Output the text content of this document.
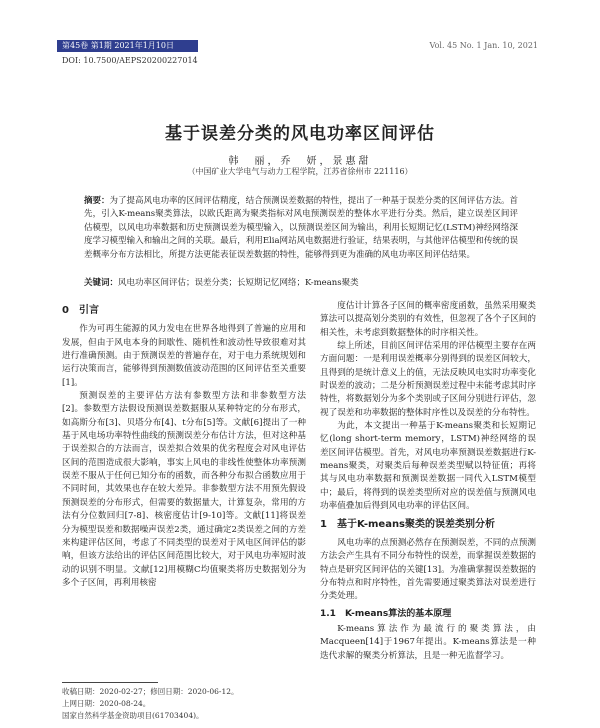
第45卷 第1期 2021年1月10日	Vol. 45 No. 1 Jan. 10, 2021
DOI: 10.7500/AEPS20200227014
基于误差分类的风电功率区间评估
韩　丽，乔　妍，景惠甜
（中国矿业大学电气与动力工程学院，江苏省徐州市 221116）
摘要：为了提高风电功率的区间评估精度，结合预测误差数据的特性，提出了一种基于误差分类的区间评估方法。首先，引入K-means聚类算法，以欧氏距离为聚类指标对风电预测误差的整体水平进行分类。然后，建立误差区间评估模型，以风电功率数据和历史预测误差为模型输入，以预测误差区间为输出，利用长短期记忆(LSTM)神经网络深度学习模型输入和输出之间的关联。最后，利用Elia网站风电数据进行验证，结果表明，与其他评估模型和传统的误差概率分布方法相比，所提方法更能表征误差数据的特性，能够得到更为准确的风电功率区间评估结果。
关键词：风电功率区间评估；误差分类；长短期记忆网络；K-means聚类
0　引言

作为可再生能源的风力发电在世界各地得到了普遍的应用和发展，但由于风电本身的间歇性、随机性和波动性导致很难对其进行准确预测。由于预测误差的普遍存在，对于电力系统规划和运行决策而言，能够得到预测数值波动范围的区间评估至关重要[1]。

预测误差的主要评估方法有参数型方法和非参数型方法[2]。参数型方法假设预测误差数据服从某种特定的分布形式，如高斯分布[3]、贝塔分布[4]、t分布[5]等。文献[6]提出了一种基于风电场功率特性曲线的预测误差分布估计方法，但对这种基于误差拟合的方法而言，误差拟合效果的优劣程度会对风电评估区间的范围造成很大影响，事实上风电的非线性使整体功率预测误差不服从于任何已知分布的函数，而各种分布拟合函数应用于不同时间，其效果也存在较大差异。非参数型方法不用预先假设预测误差的分布形式，但需要的数据量大，计算复杂，常用的方法有分位数回归[7-8]、核密度估计[9-10]等。文献[11]将误差分为模型误差和数据噪声误差2类，通过确定2类误差之间的方差来构建评估区间，考虑了不同类型的误差对于风电区间评估的影响，但该方法给出的评估区间范围比较大，对于风电功率短时波动的识别不明显。文献[12]用模糊C均值聚类将历史数据划分为多个子区间，再利用核密

度估计计算各子区间的概率密度函数，虽然采用聚类算法可以提高划分类别的有效性，但忽视了各个子区间的相关性，未考虑到数据整体的时序相关性。

综上所述，目前区间评估采用的评估模型主要存在两方面问题：一是利用误差概率分别得到的误差区间较大，且得到的是统计意义上的值，无法反映风电实时功率变化时误差的波动；二是分析预测误差过程中未能考虑其时序特性，将数据划分为多个类别或子区间分别进行评估，忽视了误差和功率数据的整体时序性以及误差的分布特性。

为此，本文提出一种基于K-means聚类和长短期记忆(long short-term memory，LSTM)神经网络的误差区间评估模型。首先，对风电功率预测误差数据进行K-means聚类，对聚类后每种误差类型赋以特征值；再将其与风电功率数据和预测误差数据一同代入LSTM模型中；最后，将得到的误差类型所对应的误差值与预测风电功率值叠加后得到风电功率的评估区间。

1　基于K-means聚类的误差类别分析

风电功率的点预测必然存在预测误差，不同的点预测方法会产生具有不同分布特性的误差，而掌握误差数据的特点是研究区间评估的关键[13]。为准确掌握误差数据的分布特点和时序特性，首先需要通过聚类算法对误差进行分类处理。

1.1　K-means算法的基本原理

K-means算法作为最流行的聚类算法，由Macqueen[14]于1967年提出。K-means算法是一种迭代求解的聚类分析算法，且是一种无监督学习。

收稿日期：2020-02-27；修回日期：2020-06-12。
上网日期：2020-08-24。
国家自然科学基金资助项目(61703404)。
